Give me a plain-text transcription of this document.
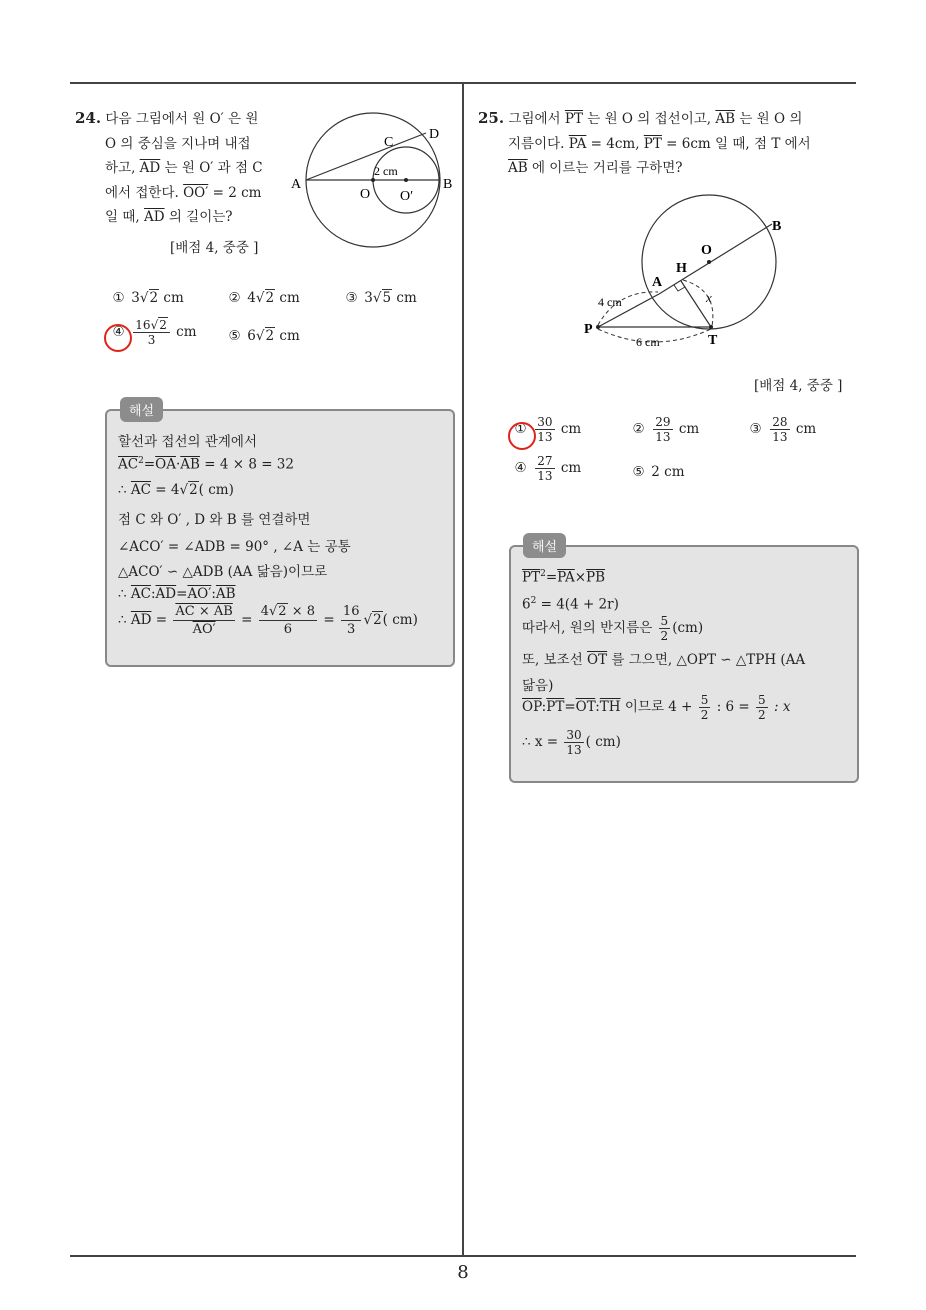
24. 다음 그림에서 원 O′ 은 원
O 의 중심을 지나며 내접
하고, $\overline{AD}$ 는 원 O′ 과 점 C
에서 접한다. OO′ = 2 cm
일 때, $\overline{AD}$ 의 길이는?
[배점 4, 중중 ]
A	B
C
D
O O′
2 cm
① 3√2 cm	② 4√2 cm	③ 3√5 cm
④ $\frac{16√2}{3}$ cm ⑤ 6√2 cm
해설
할선과 접선의 관계에서
$\overline{AC}^2=\overline{OA}\cdot\overline{AB} = 4 \times 8 = 32$
∴ $\overline{AC} = 4√2$( cm)
점 C 와 O′ , D 와 B 를 연결하면
∠ACO′ = ∠ADB = 90° , ∠A 는 공통
△ACO′ ∽ △ADB (AA 닮음)이므로
∴ $\overline{AC}:\overline{AD}=AO':\overline{AB}$
∴ $\overline{AD} = \frac{AC \times AB}{AO'} = \frac{4√2 \times 8}{6} = \frac{16}{3} √2$( cm)
25. 그림에서 $\overline{PT}$ 는 원 O 의 접선이고, $\overline{AB}$ 는 원 O 의
지름이다. $\overline{PA} = 4cm$, $\overline{PT} = 6cm$ 일 때, 점 T 에서
$\overline{AB}$ 에 이르는 거리를 구하면?
O
H
A
B
P
T
x
4 cm
6 cm
[배점 4, 중중 ]
① $\frac{30}{13}$ cm	② $\frac{29}{13}$ cm	③ $\frac{28}{13}$ cm
④ $\frac{27}{13}$ cm	⑤ 2 cm
해설
$\overline{PT}^2=\overline{PA}\times\overline{PB}$
$6^2 = 4(4 + 2r)$
따라서, 원의 반지름은 $\frac{5}{2} (cm)$
또, 보조선 $\overline{OT}$ 를 그으면, △OPT ∽ △TPH (AA
닮음)
$\overline{OP}:\overline{PT}=\overline{OT}:\overline{TH}$ 이므로 $4 + \frac{5}{2}$ : $6 = \frac{5}{2}$ : x
∴ $x = \frac{30}{13}$ ( cm)
8
